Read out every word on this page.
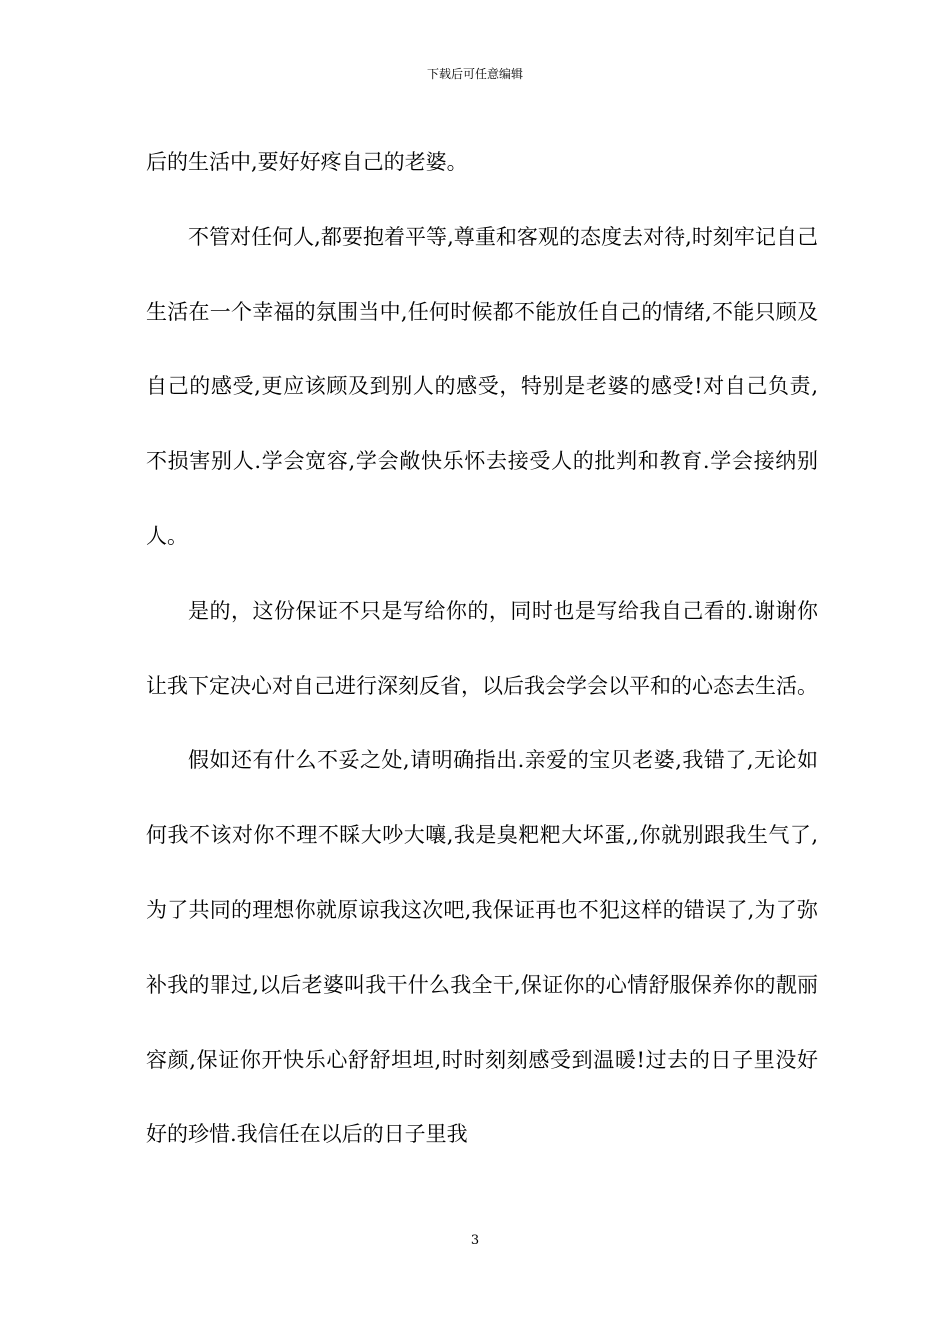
下载后可任意编辑

后的生活中,要好好疼自己的老婆。

不管对任何人,都要抱着平等,尊重和客观的态度去对待,时刻牢记自己生活在一个幸福的氛围当中,任何时候都不能放任自己的情绪,不能只顾及自己的感受,更应该顾及到别人的感受，特别是老婆的感受!对自己负责,不损害别人.学会宽容,学会敞快乐怀去接受人的批判和教育.学会接纳别人。

是的，这份保证不只是写给你的，同时也是写给我自己看的.谢谢你让我下定决心对自己进行深刻反省，以后我会学会以平和的心态去生活。

假如还有什么不妥之处,请明确指出.亲爱的宝贝老婆,我错了,无论如何我不该对你不理不睬大吵大嚷,我是臭粑粑大坏蛋,,你就别跟我生气了,为了共同的理想你就原谅我这次吧,我保证再也不犯这样的错误了,为了弥补我的罪过,以后老婆叫我干什么我全干,保证你的心情舒服保养你的靓丽容颜,保证你开快乐心舒舒坦坦,时时刻刻感受到温暖!过去的日子里没好好的珍惜.我信任在以后的日子里我

3
